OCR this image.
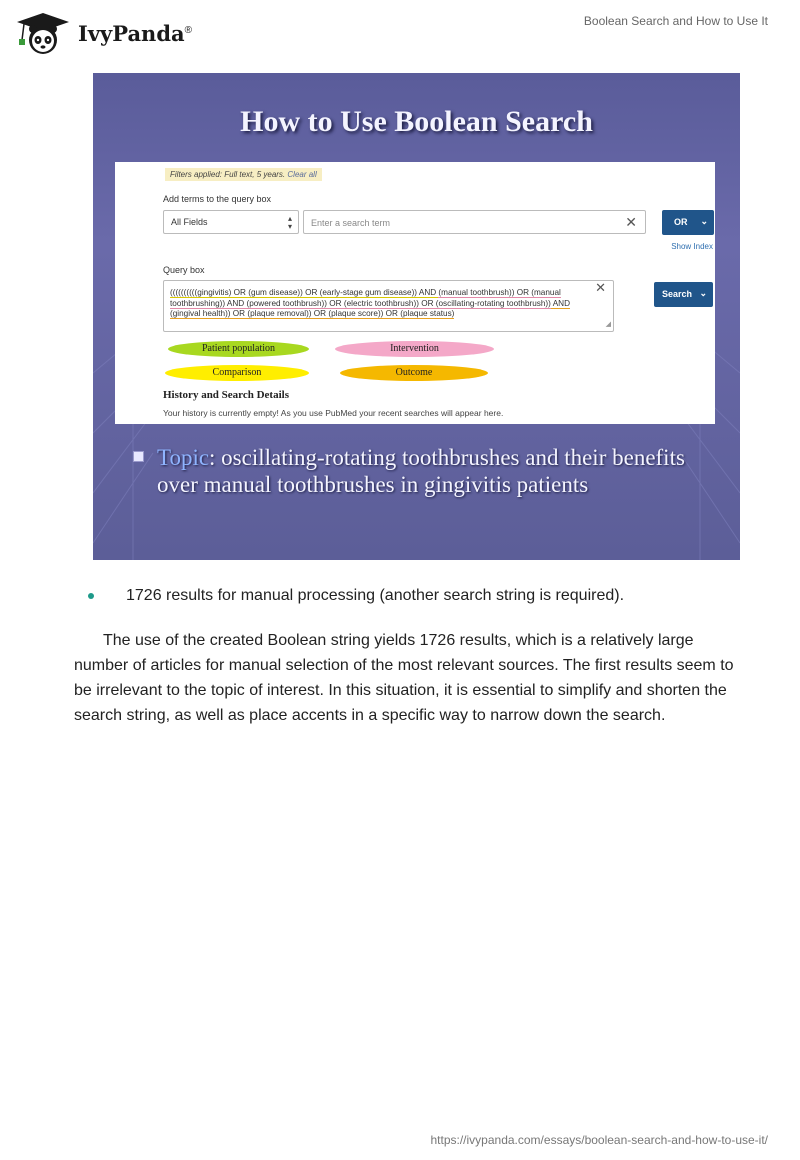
IvyPanda®
Boolean Search and How to Use It
How to Use Boolean Search
Filters applied: Full text, 5 years. Clear all
Add terms to the query box
All Fields	▴
▾	Enter a search term	✕	OR ⌄
Show Index
Query box
((((((((((gingivitis) OR (gum disease)) OR (early-stage gum disease)) AND (manual toothbrush)) OR (manual toothbrushing)) AND (powered toothbrush)) OR (electric toothbrush)) OR (oscillating-rotating toothbrush)) AND (gingival health)) OR (plaque removal)) OR (plaque score)) OR (plaque status)
✕
◢
Search ⌄
Patient population	Intervention
Comparison	Outcome
History and Search Details
Your history is currently empty! As you use PubMed your recent searches will appear here.
Topic: oscillating-rotating toothbrushes and their benefits over manual toothbrushes in gingivitis patients
1726 results for manual processing (another search string is required).

The use of the created Boolean string yields 1726 results, which is a relatively large number of articles for manual selection of the most relevant sources. The first results seem to be irrelevant to the topic of interest. In this situation, it is essential to simplify and shorten the search string, as well as place accents in a specific way to narrow down the search.

https://ivypanda.com/essays/boolean-search-and-how-to-use-it/
